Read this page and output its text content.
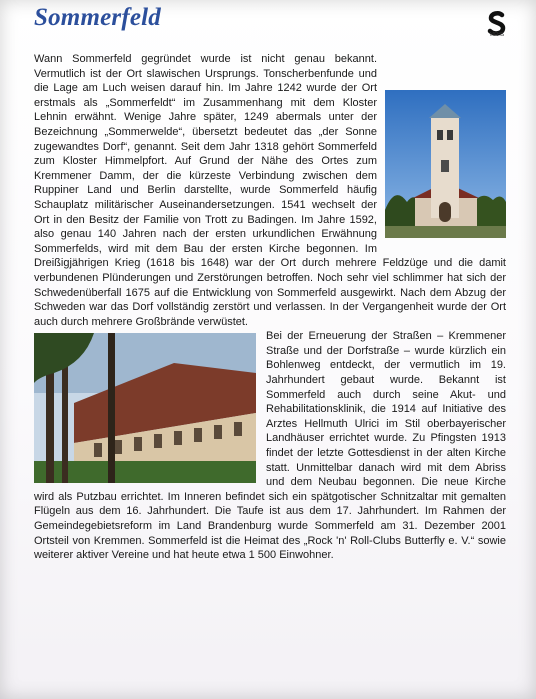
Sommerfeld
MFHS

Wann Sommerfeld gegründet wurde ist nicht genau bekannt. Vermutlich ist der Ort slawischen Ursprungs. Tonscherbenfunde und die Lage am Luch weisen darauf hin. Im Jahre 1242 wurde der Ort erstmals als „Sommerfeldt“ im Zusammenhang mit dem Kloster Lehnin erwähnt. Wenige Jahre später, 1249 abermals unter der Bezeichnung „Sommerwelde“, übersetzt bedeutet das „der Sonne zugewandtes Dorf“, genannt. Seit dem Jahr 1318 gehört Sommerfeld zum Kloster Himmelpfort. Auf Grund der Nähe des Ortes zum Kremmener Damm, der die kürzeste Verbindung zwischen dem Ruppiner Land und Berlin darstellte, wurde Sommerfeld häufig Schauplatz militärischer Auseinandersetzungen. 1541 wechselt der Ort in den Besitz der Familie von Trott zu Badingen. Im Jahre 1592, also genau 140 Jahren nach der ersten urkundlichen Erwähnung Sommerfelds, wird mit dem Bau der ersten Kirche begonnen. Im Dreißigjährigen Krieg (1618 bis 1648) war der Ort durch mehrere Feldzüge und die damit verbundenen Plünderungen und Zerstörungen betroffen. Noch sehr viel schlimmer hat sich der Schwedenüberfall 1675 auf die Entwicklung von Sommerfeld ausgewirkt. Nach dem Abzug der Schweden war das Dorf vollständig zerstört und verlassen. In der Vergangenheit wurde der Ort auch durch mehrere Großbrände verwüstet.

Bei der Erneuerung der Straßen – Kremmener Straße und der Dorfstraße – wurde kürzlich ein Bohlenweg entdeckt, der vermutlich im 19. Jahrhundert gebaut wurde. Bekannt ist Sommerfeld auch durch seine Akut- und Rehabilitationsklinik, die 1914 auf Initiative des Arztes Hellmuth Ulrici im Stil oberbayerischer Landhäuser errichtet wurde. Zu Pfingsten 1913 findet der letzte Gottesdienst in der alten Kirche statt. Unmittelbar danach wird mit dem Abriss und dem Neubau begonnen. Die neue Kirche wird als Putzbau errichtet. Im Inneren befindet sich ein spätgotischer Schnitzaltar mit gemalten Flügeln aus dem 16. Jahrhundert. Die Taufe ist aus dem 17. Jahrhundert. Im Rahmen der Gemeindegebietsreform im Land Brandenburg wurde Sommerfeld am 31. Dezember 2001 Ortsteil von Kremmen. Sommerfeld ist die Heimat des „Rock 'n' Roll-Clubs Butterfly e. V.“ sowie weiterer aktiver Vereine und hat heute etwa 1 500 Einwohner.
